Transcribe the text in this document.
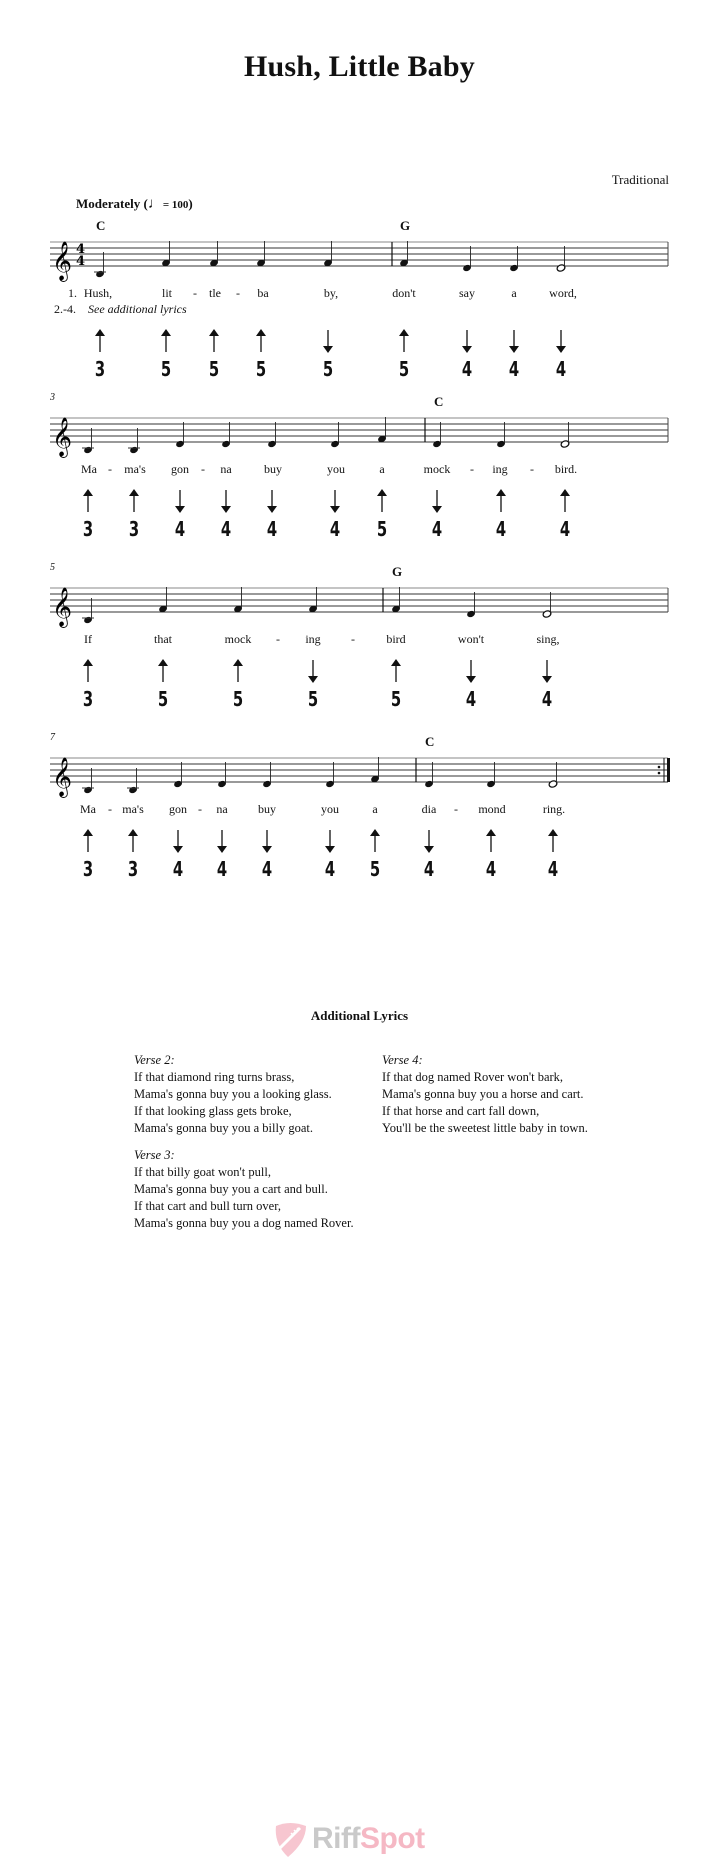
Hush, Little Baby
Traditional
Moderately (♩= 100)
𝄞 4
4
C	G
1.
2.-4. See additional lyrics
Hush,	-
lit	tle - ba	by,	don't	say	a	word,
3	5 5 5	5	5	4 4 4
𝄞
3	C
Ma - ma's gon - na	buy	you	a	mock - ing - bird.
3 3 4 4 4	4 5 4	4	4
𝄞
5	G
If	that	mock - ing	-	bird	won't	sing,
3	5	5	5	5	4	4
𝄞
7	C
Ma - ma's gon - na	buy	you	a	dia - mond	ring.
3 3 4 4 4	4 5 4	4	4
Additional Lyrics
Verse 2:
If that diamond ring turns brass,
Mama's gonna buy you a looking glass.
If that looking glass gets broke,
Mama's gonna buy you a billy goat.
Verse 3:
If that billy goat won't pull,
Mama's gonna buy you a cart and bull.
If that cart and bull turn over,
Mama's gonna buy you a dog named Rover.
Verse 4:
If that dog named Rover won't bark,
Mama's gonna buy you a horse and cart.
If that horse and cart fall down,
You'll be the sweetest little baby in town.
RiffSpot
